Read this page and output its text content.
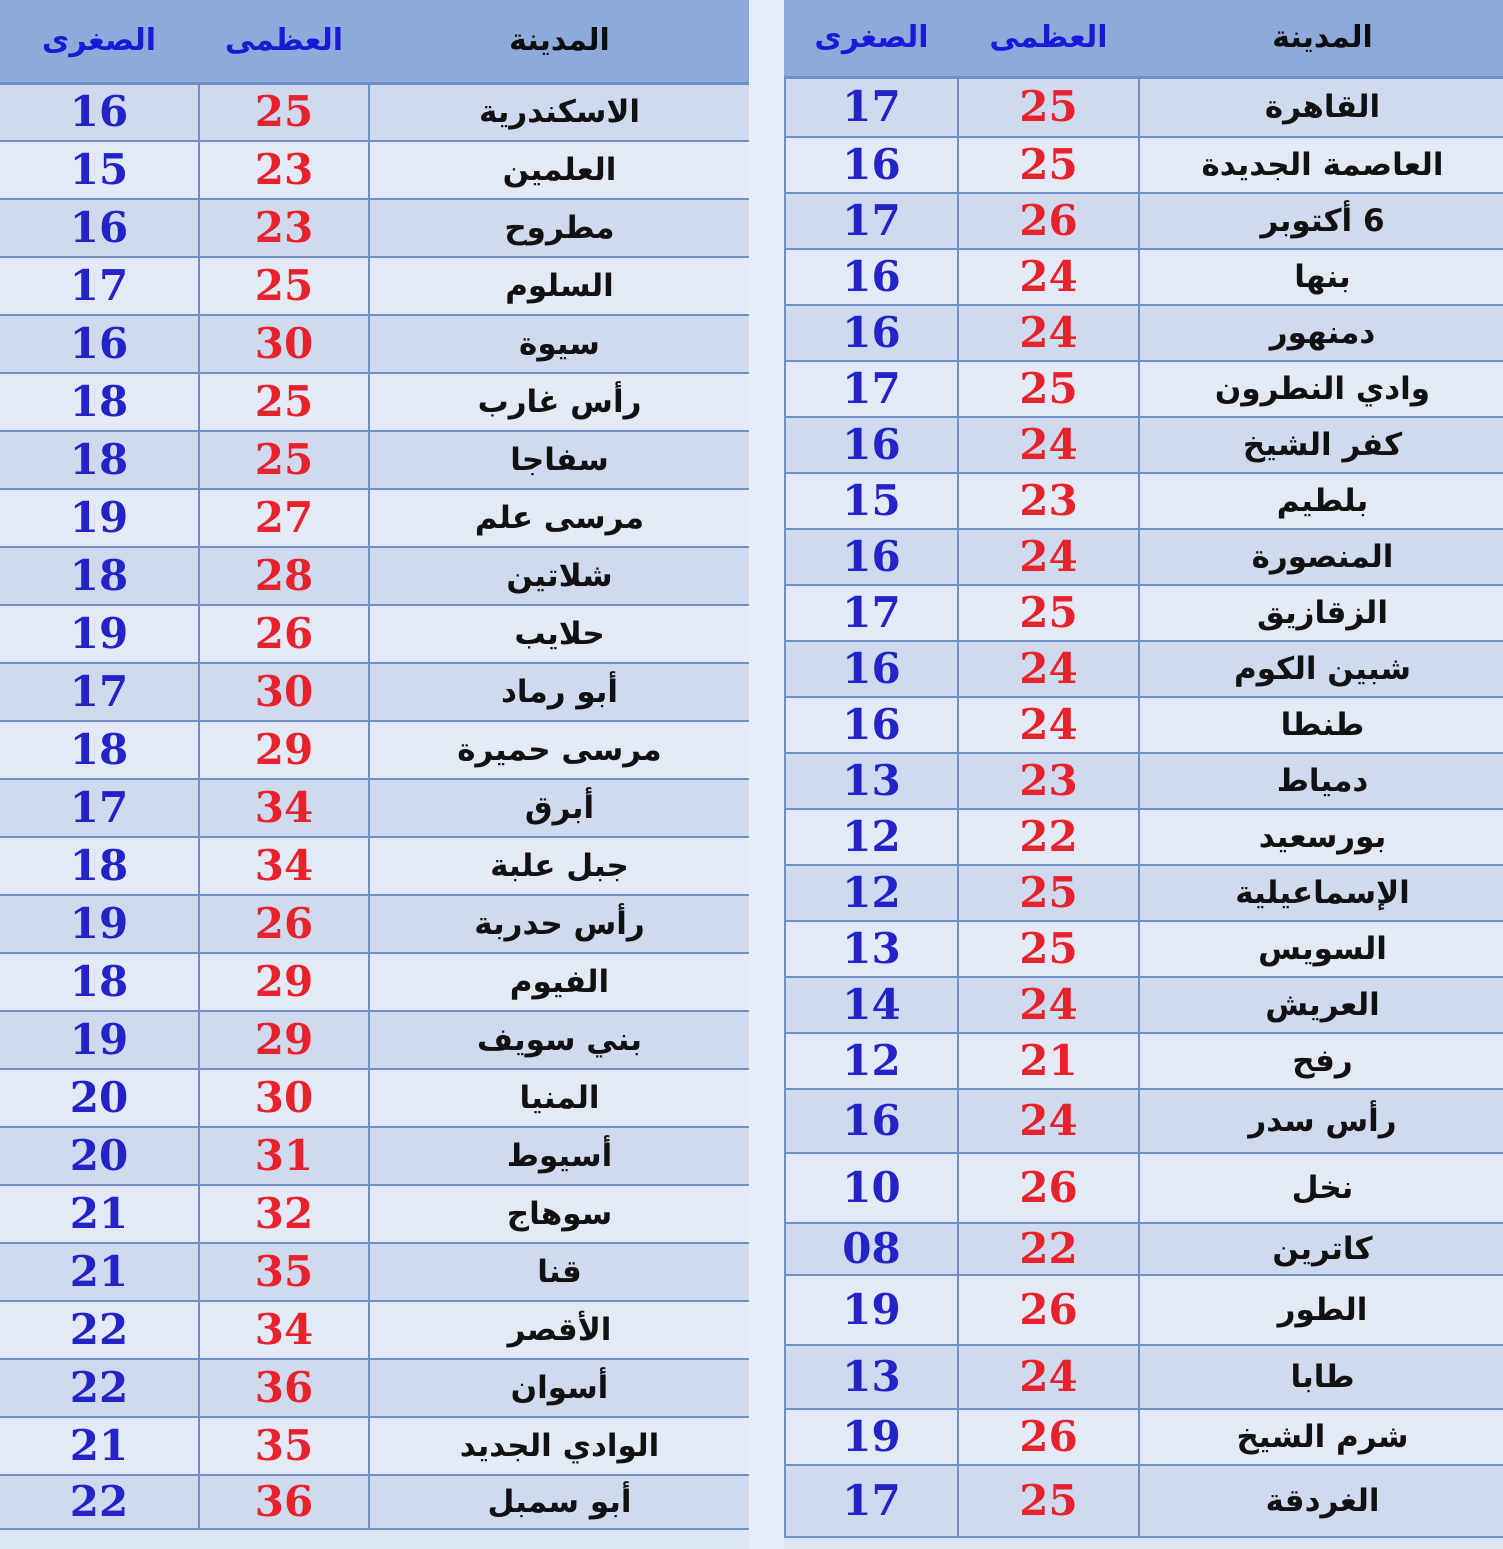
الصغرى	العظمى	المدينة
16	25	الاسكندرية
15	23	العلمين
16	23	مطروح
17	25	السلوم
16	30	سيوة
18	25	رأس غارب
18	25	سفاجا
19	27	مرسى علم
18	28	شلاتين
19	26	حلايب
17	30	أبو رماد
18	29	مرسى حميرة
17	34	أبرق
18	34	جبل علبة
19	26	رأس حدربة
18	29	الفيوم
19	29	بني سويف
20	30	المنيا
20	31	أسيوط
21	32	سوهاج
21	35	قنا
22	34	الأقصر
22	36	أسوان
21	35	الوادي الجديد
22	36	أبو سمبل
الصغرى	العظمى	المدينة
17	25	القاهرة
16	25	العاصمة الجديدة
17	26	6 أكتوبر
16	24	بنها
16	24	دمنهور
17	25	وادي النطرون
16	24	كفر الشيخ
15	23	بلطيم
16	24	المنصورة
17	25	الزقازيق
16	24	شبين الكوم
16	24	طنطا
13	23	دمياط
12	22	بورسعيد
12	25	الإسماعيلية
13	25	السويس
14	24	العريش
12	21	رفح
16	24	رأس سدر
10	26	نخل
08	22	كاترين
19	26	الطور
13	24	طابا
19	26	شرم الشيخ
17	25	الغردقة
